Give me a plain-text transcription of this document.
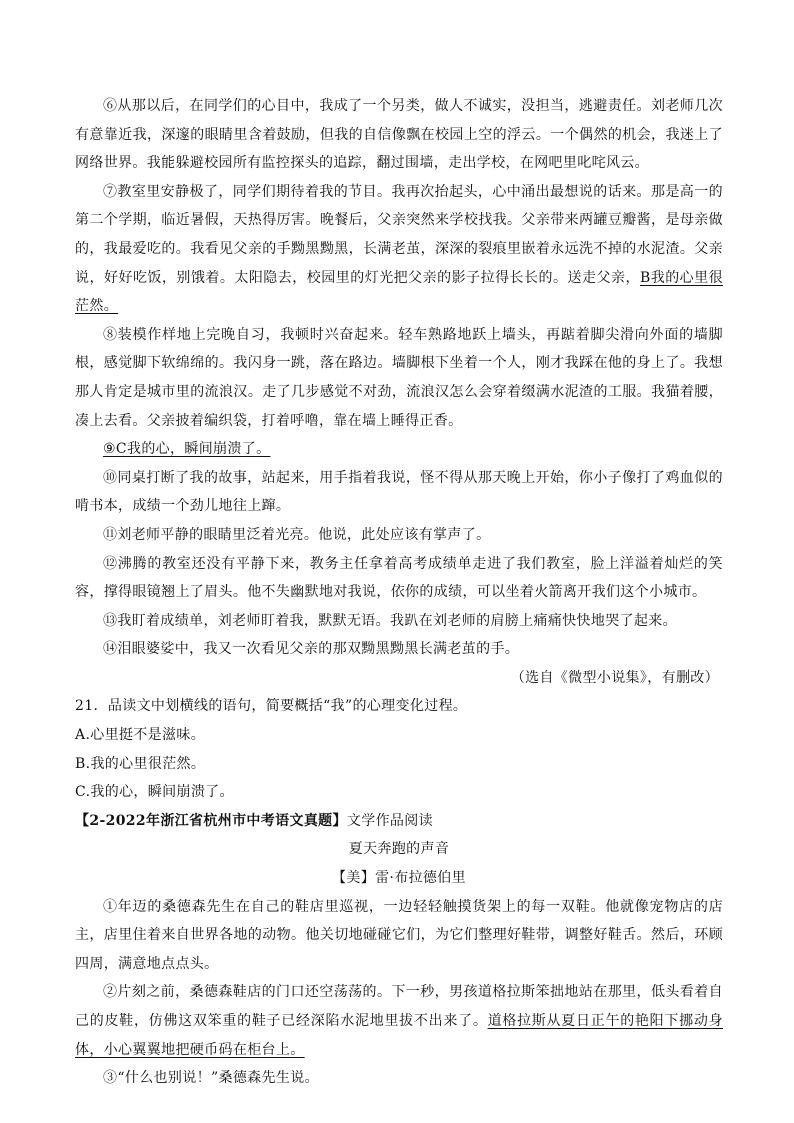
⑥从那以后，在同学们的心目中，我成了一个另类，做人不诚实，没担当，逃避责任。刘老师几次有意靠近我，深邃的眼睛里含着鼓励，但我的自信像飘在校园上空的浮云。一个偶然的机会，我迷上了网络世界。我能躲避校园所有监控探头的追踪，翻过围墙，走出学校，在网吧里叱咤风云。

⑦教室里安静极了，同学们期待着我的节目。我再次抬起头，心中涌出最想说的话来。那是高一的第二个学期，临近暑假，天热得厉害。晚餐后，父亲突然来学校找我。父亲带来两罐豆瓣酱，是母亲做的，我最爱吃的。我看见父亲的手黝黑黝黑，长满老茧，深深的裂痕里嵌着永远洗不掉的水泥渣。父亲说，好好吃饭，别饿着。太阳隐去，校园里的灯光把父亲的影子拉得长长的。送走父亲，B我的心里很茫然。

⑧装模作样地上完晚自习，我顿时兴奋起来。轻车熟路地跃上墙头，再踮着脚尖滑向外面的墙脚根，感觉脚下软绵绵的。我闪身一跳，落在路边。墙脚根下坐着一个人，刚才我踩在他的身上了。我想那人肯定是城市里的流浪汉。走了几步感觉不对劲，流浪汉怎么会穿着缀满水泥渣的工服。我猫着腰，凑上去看。父亲披着编织袋，打着呼噜，靠在墙上睡得正香。

⑨C我的心，瞬间崩溃了。

⑩同桌打断了我的故事，站起来，用手指着我说，怪不得从那天晚上开始，你小子像打了鸡血似的啃书本，成绩一个劲儿地往上蹿。

⑪刘老师平静的眼睛里泛着光亮。他说，此处应该有掌声了。

⑫沸腾的教室还没有平静下来，教务主任拿着高考成绩单走进了我们教室，脸上洋溢着灿烂的笑容，撑得眼镜翘上了眉头。他不失幽默地对我说，依你的成绩，可以坐着火箭离开我们这个小城市。

⑬我盯着成绩单，刘老师盯着我，默默无语。我趴在刘老师的肩膀上痛痛快快地哭了起来。

⑭泪眼婆娑中，我又一次看见父亲的那双黝黑黝黑长满老茧的手。

（选自《微型小说集》，有删改）

21．品读文中划横线的语句，简要概括“我”的心理变化过程。

A.心里挺不是滋味。

B.我的心里很茫然。

C.我的心，瞬间崩溃了。

【2-2022年浙江省杭州市中考语文真题】文学作品阅读

夏天奔跑的声音

【美】雷·布拉德伯里

①年迈的桑德森先生在自己的鞋店里巡视，一边轻轻触摸货架上的每一双鞋。他就像宠物店的店主，店里住着来自世界各地的动物。他关切地碰碰它们，为它们整理好鞋带，调整好鞋舌。然后，环顾四周，满意地点点头。

②片刻之前，桑德森鞋店的门口还空荡荡的。下一秒，男孩道格拉斯笨拙地站在那里，低头看着自己的皮鞋，仿佛这双笨重的鞋子已经深陷水泥地里拔不出来了。道格拉斯从夏日正午的艳阳下挪动身体，小心翼翼地把硬币码在柜台上。

③“什么也别说！”桑德森先生说。
